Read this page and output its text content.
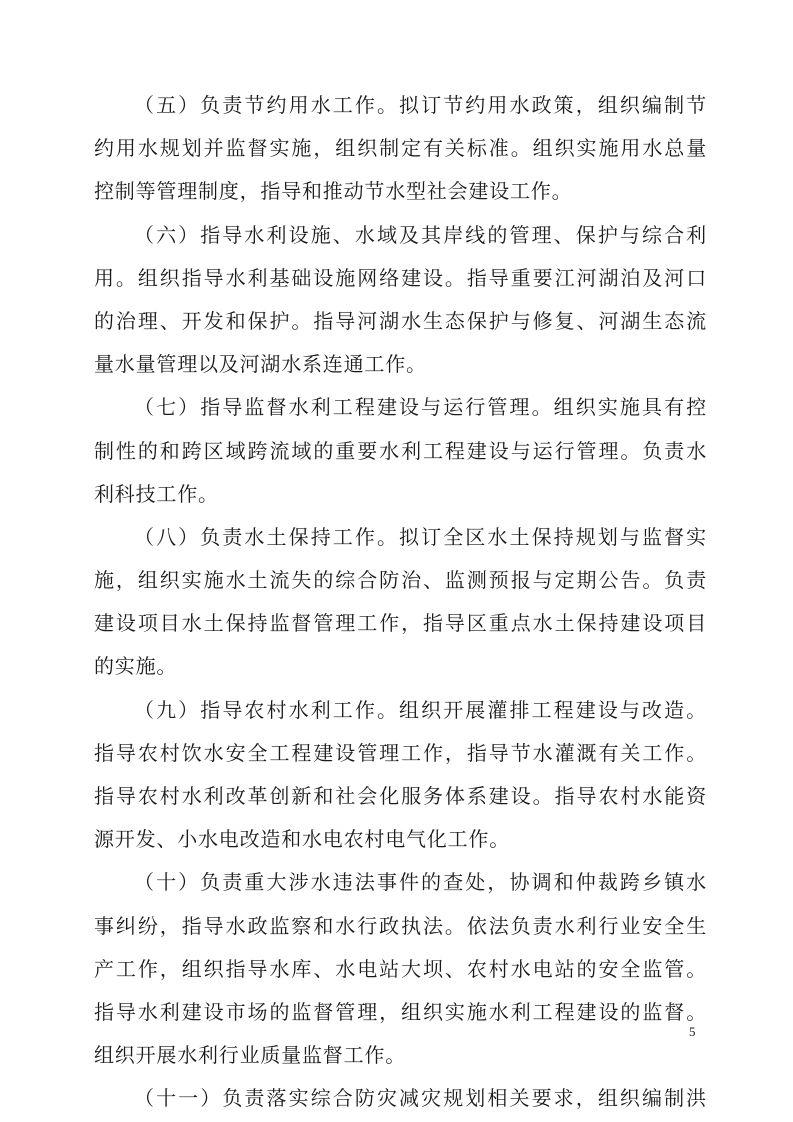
（五）负责节约用水工作。拟订节约用水政策，组织编制节
约用水规划并监督实施，组织制定有关标准。组织实施用水总量
控制等管理制度，指导和推动节水型社会建设工作。
（六）指导水利设施、水域及其岸线的管理、保护与综合利
用。组织指导水利基础设施网络建设。指导重要江河湖泊及河口
的治理、开发和保护。指导河湖水生态保护与修复、河湖生态流
量水量管理以及河湖水系连通工作。
（七）指导监督水利工程建设与运行管理。组织实施具有控
制性的和跨区域跨流域的重要水利工程建设与运行管理。负责水
利科技工作。
（八）负责水土保持工作。拟订全区水土保持规划与监督实
施，组织实施水土流失的综合防治、监测预报与定期公告。负责
建设项目水土保持监督管理工作，指导区重点水土保持建设项目
的实施。
（九）指导农村水利工作。组织开展灌排工程建设与改造。
指导农村饮水安全工程建设管理工作，指导节水灌溉有关工作。
指导农村水利改革创新和社会化服务体系建设。指导农村水能资
源开发、小水电改造和水电农村电气化工作。
（十）负责重大涉水违法事件的查处，协调和仲裁跨乡镇水
事纠纷，指导水政监察和水行政执法。依法负责水利行业安全生
产工作，组织指导水库、水电站大坝、农村水电站的安全监管。
指导水利建设市场的监督管理，组织实施水利工程建设的监督。
组织开展水利行业质量监督工作。
（十一）负责落实综合防灾减灾规划相关要求，组织编制洪
5
